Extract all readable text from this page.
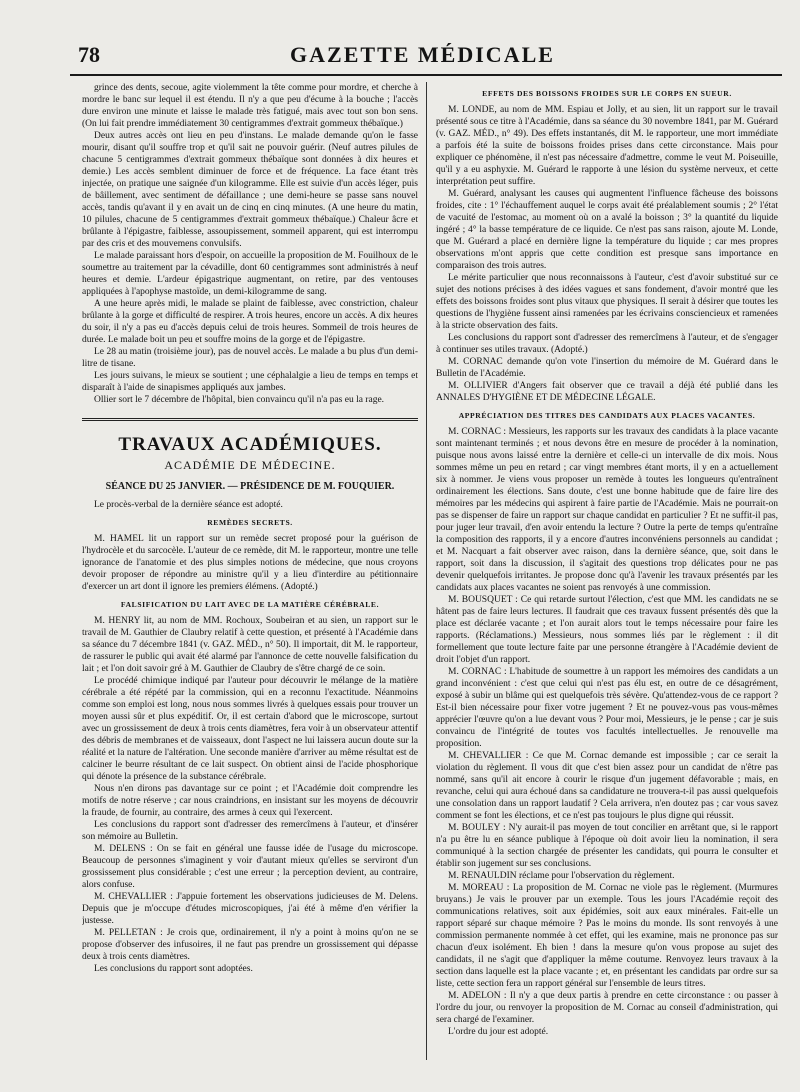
78	GAZETTE MÉDICALE

grince des dents, secoue, agite violemment la tête comme pour mordre, et cherche à mordre le banc sur lequel il est étendu. Il n'y a que peu d'écume à la bouche ; l'accès dure environ une minute et laisse le malade très fatigué, mais avec tout son bon sens. (On lui fait prendre immédiatement 30 centigrammes d'extrait gommeux thébaïque.)

Deux autres accès ont lieu en peu d'instans. Le malade demande qu'on le fasse mourir, disant qu'il souffre trop et qu'il sait ne pouvoir guérir. (Neuf autres pilules de chacune 5 centigrammes d'extrait gommeux thébaïque sont données à dix heures et demie.) Les accès semblent diminuer de force et de fréquence. La face étant très injectée, on pratique une saignée d'un kilogramme. Elle est suivie d'un accès léger, puis de bâillement, avec sentiment de défaillance ; une demi-heure se passe sans nouvel accès, tandis qu'avant il y en avait un de cinq en cinq minutes. (A une heure du matin, 10 pilules, chacune de 5 centigrammes d'extrait gommeux thébaïque.) Chaleur âcre et brûlante à l'épigastre, faiblesse, assoupissement, sommeil apparent, qui est interrompu par des cris et des mouvemens convulsifs.

Le malade paraissant hors d'espoir, on accueille la proposition de M. Fouilhoux de le soumettre au traitement par la cévadille, dont 60 centigrammes sont administrés à neuf heures et demie. L'ardeur épigastrique augmentant, on retire, par des ventouses appliquées à l'apophyse mastoïde, un demi-kilogramme de sang.

A une heure après midi, le malade se plaint de faiblesse, avec constriction, chaleur brûlante à la gorge et difficulté de respirer. A trois heures, encore un accès. A dix heures du soir, il n'y a pas eu d'accès depuis celui de trois heures. Sommeil de trois heures de durée. Le malade boit un peu et souffre moins de la gorge et de l'épigastre.

Le 28 au matin (troisième jour), pas de nouvel accès. Le malade a bu plus d'un demi-litre de tisane.

Les jours suivans, le mieux se soutient ; une céphalalgie a lieu de temps en temps et disparaît à l'aide de sinapismes appliqués aux jambes.

Ollier sort le 7 décembre de l'hôpital, bien convaincu qu'il n'a pas eu la rage.

TRAVAUX ACADÉMIQUES.

ACADÉMIE DE MÉDECINE.

SÉANCE DU 25 JANVIER. — PRÉSIDENCE DE M. FOUQUIER.

Le procès-verbal de la dernière séance est adopté.

REMÈDES SECRETS.

M. HAMEL lit un rapport sur un remède secret proposé pour la guérison de l'hydrocèle et du sarcocèle. L'auteur de ce remède, dit M. le rapporteur, montre une telle ignorance de l'anatomie et des plus simples notions de médecine, que nous croyons devoir proposer de répondre au ministre qu'il y a lieu d'interdire au pétitionnaire d'exercer un art dont il ignore les premiers élémens. (Adopté.)

FALSIFICATION DU LAIT AVEC DE LA MATIÈRE CÉRÉBRALE.

M. HENRY lit, au nom de MM. Rochoux, Soubeiran et au sien, un rapport sur le travail de M. Gauthier de Claubry relatif à cette question, et présenté à l'Académie dans sa séance du 7 décembre 1841 (v. GAZ. MÉD., n° 50). Il importait, dit M. le rapporteur, de rassurer le public qui avait été alarmé par l'annonce de cette nouvelle falsification du lait ; et l'on doit savoir gré à M. Gauthier de Claubry de s'être chargé de ce soin.

Le procédé chimique indiqué par l'auteur pour découvrir le mélange de la matière cérébrale a été répété par la commission, qui en a reconnu l'exactitude. Néanmoins comme son emploi est long, nous nous sommes livrés à quelques essais pour trouver un moyen aussi sûr et plus expéditif. Or, il est certain d'abord que le microscope, surtout avec un grossissement de deux à trois cents diamètres, fera voir à un observateur attentif des débris de membranes et de vaisseaux, dont l'aspect ne lui laissera aucun doute sur la réalité et la nature de l'altération. Une seconde manière d'arriver au même résultat est de calciner le beurre résultant de ce lait suspect. On obtient ainsi de l'acide phosphorique qui dénote la présence de la substance cérébrale.

Nous n'en dirons pas davantage sur ce point ; et l'Académie doit comprendre les motifs de notre réserve ; car nous craindrions, en insistant sur les moyens de découvrir la fraude, de fournir, au contraire, des armes à ceux qui l'exercent.

Les conclusions du rapport sont d'adresser des remercîmens à l'auteur, et d'insérer son mémoire au Bulletin.

M. DELENS : On se fait en général une fausse idée de l'usage du microscope. Beaucoup de personnes s'imaginent y voir d'autant mieux qu'elles se serviront d'un grossissement plus considérable ; c'est une erreur ; la perception devient, au contraire, alors confuse.

M. CHEVALLIER : J'appuie fortement les observations judicieuses de M. Delens. Depuis que je m'occupe d'études microscopiques, j'ai été à même d'en vérifier la justesse.

M. PELLETAN : Je crois que, ordinairement, il n'y a point à moins qu'on ne se propose d'observer des infusoires, il ne faut pas prendre un grossissement qui dépasse deux à trois cents diamètres.

Les conclusions du rapport sont adoptées.

EFFETS DES BOISSONS FROIDES SUR LE CORPS EN SUEUR.

M. LONDE, au nom de MM. Espiau et Jolly, et au sien, lit un rapport sur le travail présenté sous ce titre à l'Académie, dans sa séance du 30 novembre 1841, par M. Guérard (v. GAZ. MÉD., n° 49). Des effets instantanés, dit M. le rapporteur, une mort immédiate a parfois été la suite de boissons froides prises dans cette circonstance. Mais pour expliquer ce phénomène, il n'est pas nécessaire d'admettre, comme le veut M. Poiseuille, qu'il y a eu asphyxie. M. Guérard le rapporte à une lésion du système nerveux, et cette interprétation peut suffire.

M. Guérard, analysant les causes qui augmentent l'influence fâcheuse des boissons froides, cite : 1° l'échauffement auquel le corps avait été préalablement soumis ; 2° l'état de vacuité de l'estomac, au moment où on a avalé la boisson ; 3° la quantité du liquide ingéré ; 4° la basse température de ce liquide. Ce n'est pas sans raison, ajoute M. Londe, que M. Guérard a placé en dernière ligne la température du liquide ; car mes propres observations m'ont appris que cette condition est presque sans importance en comparaison des trois autres.

Le mérite particulier que nous reconnaissons à l'auteur, c'est d'avoir substitué sur ce sujet des notions précises à des idées vagues et sans fondement, d'avoir montré que les effets des boissons froides sont plus vitaux que physiques. Il serait à désirer que toutes les questions de l'hygiène fussent ainsi ramenées par les écrivains consciencieux et ramenées à la stricte observation des faits.

Les conclusions du rapport sont d'adresser des remercîmens à l'auteur, et de s'engager à continuer ses utiles travaux. (Adopté.)

M. CORNAC demande qu'on vote l'insertion du mémoire de M. Guérard dans le Bulletin de l'Académie.

M. OLLIVIER d'Angers fait observer que ce travail a déjà été publié dans les ANNALES D'HYGIÈNE ET DE MÉDECINE LÉGALE.

APPRÉCIATION DES TITRES DES CANDIDATS AUX PLACES VACANTES.

M. CORNAC : Messieurs, les rapports sur les travaux des candidats à la place vacante sont maintenant terminés ; et nous devons être en mesure de procéder à la nomination, puisque nous avons laissé entre la dernière et celle-ci un intervalle de dix mois. Nous sommes même un peu en retard ; car vingt membres étant morts, il y en a actuellement six à nommer. Je viens vous proposer un remède à toutes les longueurs qu'entraînent ordinairement les élections. Sans doute, c'est une bonne habitude que de faire lire des mémoires par les médecins qui aspirent à faire partie de l'Académie. Mais ne pourrait-on pas se dispenser de faire un rapport sur chaque candidat en particulier ? Et ne suffit-il pas, pour juger leur travail, d'en avoir entendu la lecture ? Outre la perte de temps qu'entraîne la composition des rapports, il y a encore d'autres inconvéniens personnels au candidat ; et M. Nacquart a fait observer avec raison, dans la dernière séance, que, soit dans le rapport, soit dans la discussion, il s'agitait des questions trop délicates pour ne pas devenir quelquefois irritantes. Je propose donc qu'à l'avenir les travaux présentés par les candidats aux places vacantes ne soient pas renvoyés à une commission.

M. BOUSQUET : Ce qui retarde surtout l'élection, c'est que MM. les candidats ne se hâtent pas de faire leurs lectures. Il faudrait que ces travaux fussent présentés dès que la place est déclarée vacante ; et l'on aurait alors tout le temps nécessaire pour faire les rapports. (Réclamations.) Messieurs, nous sommes liés par le règlement : il dit formellement que toute lecture faite par une personne étrangère à l'Académie devient de droit l'objet d'un rapport.

M. CORNAC : L'habitude de soumettre à un rapport les mémoires des candidats a un grand inconvénient : c'est que celui qui n'est pas élu est, en outre de ce désagrément, exposé à subir un blâme qui est quelquefois très sévère. Qu'attendez-vous de ce rapport ? Est-il bien nécessaire pour fixer votre jugement ? Et ne pouvez-vous pas vous-mêmes apprécier l'œuvre qu'on a lue devant vous ? Pour moi, Messieurs, je le pense ; car je suis convaincu de l'intégrité de toutes vos facultés intellectuelles. Je renouvelle ma proposition.

M. CHEVALLIER : Ce que M. Cornac demande est impossible ; car ce serait la violation du règlement. Il vous dit que c'est bien assez pour un candidat de n'être pas nommé, sans qu'il ait encore à courir le risque d'un jugement défavorable ; mais, en revanche, celui qui aura échoué dans sa candidature ne trouvera-t-il pas aussi quelquefois une consolation dans un rapport laudatif ? Cela arrivera, n'en doutez pas ; car vous savez comment se font les élections, et ce n'est pas toujours le plus digne qui réussit.

M. BOULEY : N'y aurait-il pas moyen de tout concilier en arrêtant que, si le rapport n'a pu être lu en séance publique à l'époque où doit avoir lieu la nomination, il sera communiqué à la section chargée de présenter les candidats, qui pourra le consulter et établir son jugement sur ses conclusions.

M. RENAULDIN réclame pour l'observation du règlement.

M. MOREAU : La proposition de M. Cornac ne viole pas le règlement. (Murmures bruyans.) Je vais le prouver par un exemple. Tous les jours l'Académie reçoit des communications relatives, soit aux épidémies, soit aux eaux minérales. Fait-elle un rapport séparé sur chaque mémoire ? Pas le moins du monde. Ils sont renvoyés à une commission permanente nommée à cet effet, qui les examine, mais ne prononce pas sur chacun d'eux isolément. Eh bien ! dans la mesure qu'on vous propose au sujet des candidats, il ne s'agit que d'appliquer la même coutume. Renvoyez leurs travaux à la section dans laquelle est la place vacante ; et, en présentant les candidats par ordre sur sa liste, cette section fera un rapport général sur l'ensemble de leurs titres.

M. ADELON : Il n'y a que deux partis à prendre en cette circonstance : ou passer à l'ordre du jour, ou renvoyer la proposition de M. Cornac au conseil d'administration, qui sera chargé de l'examiner.

L'ordre du jour est adopté.
